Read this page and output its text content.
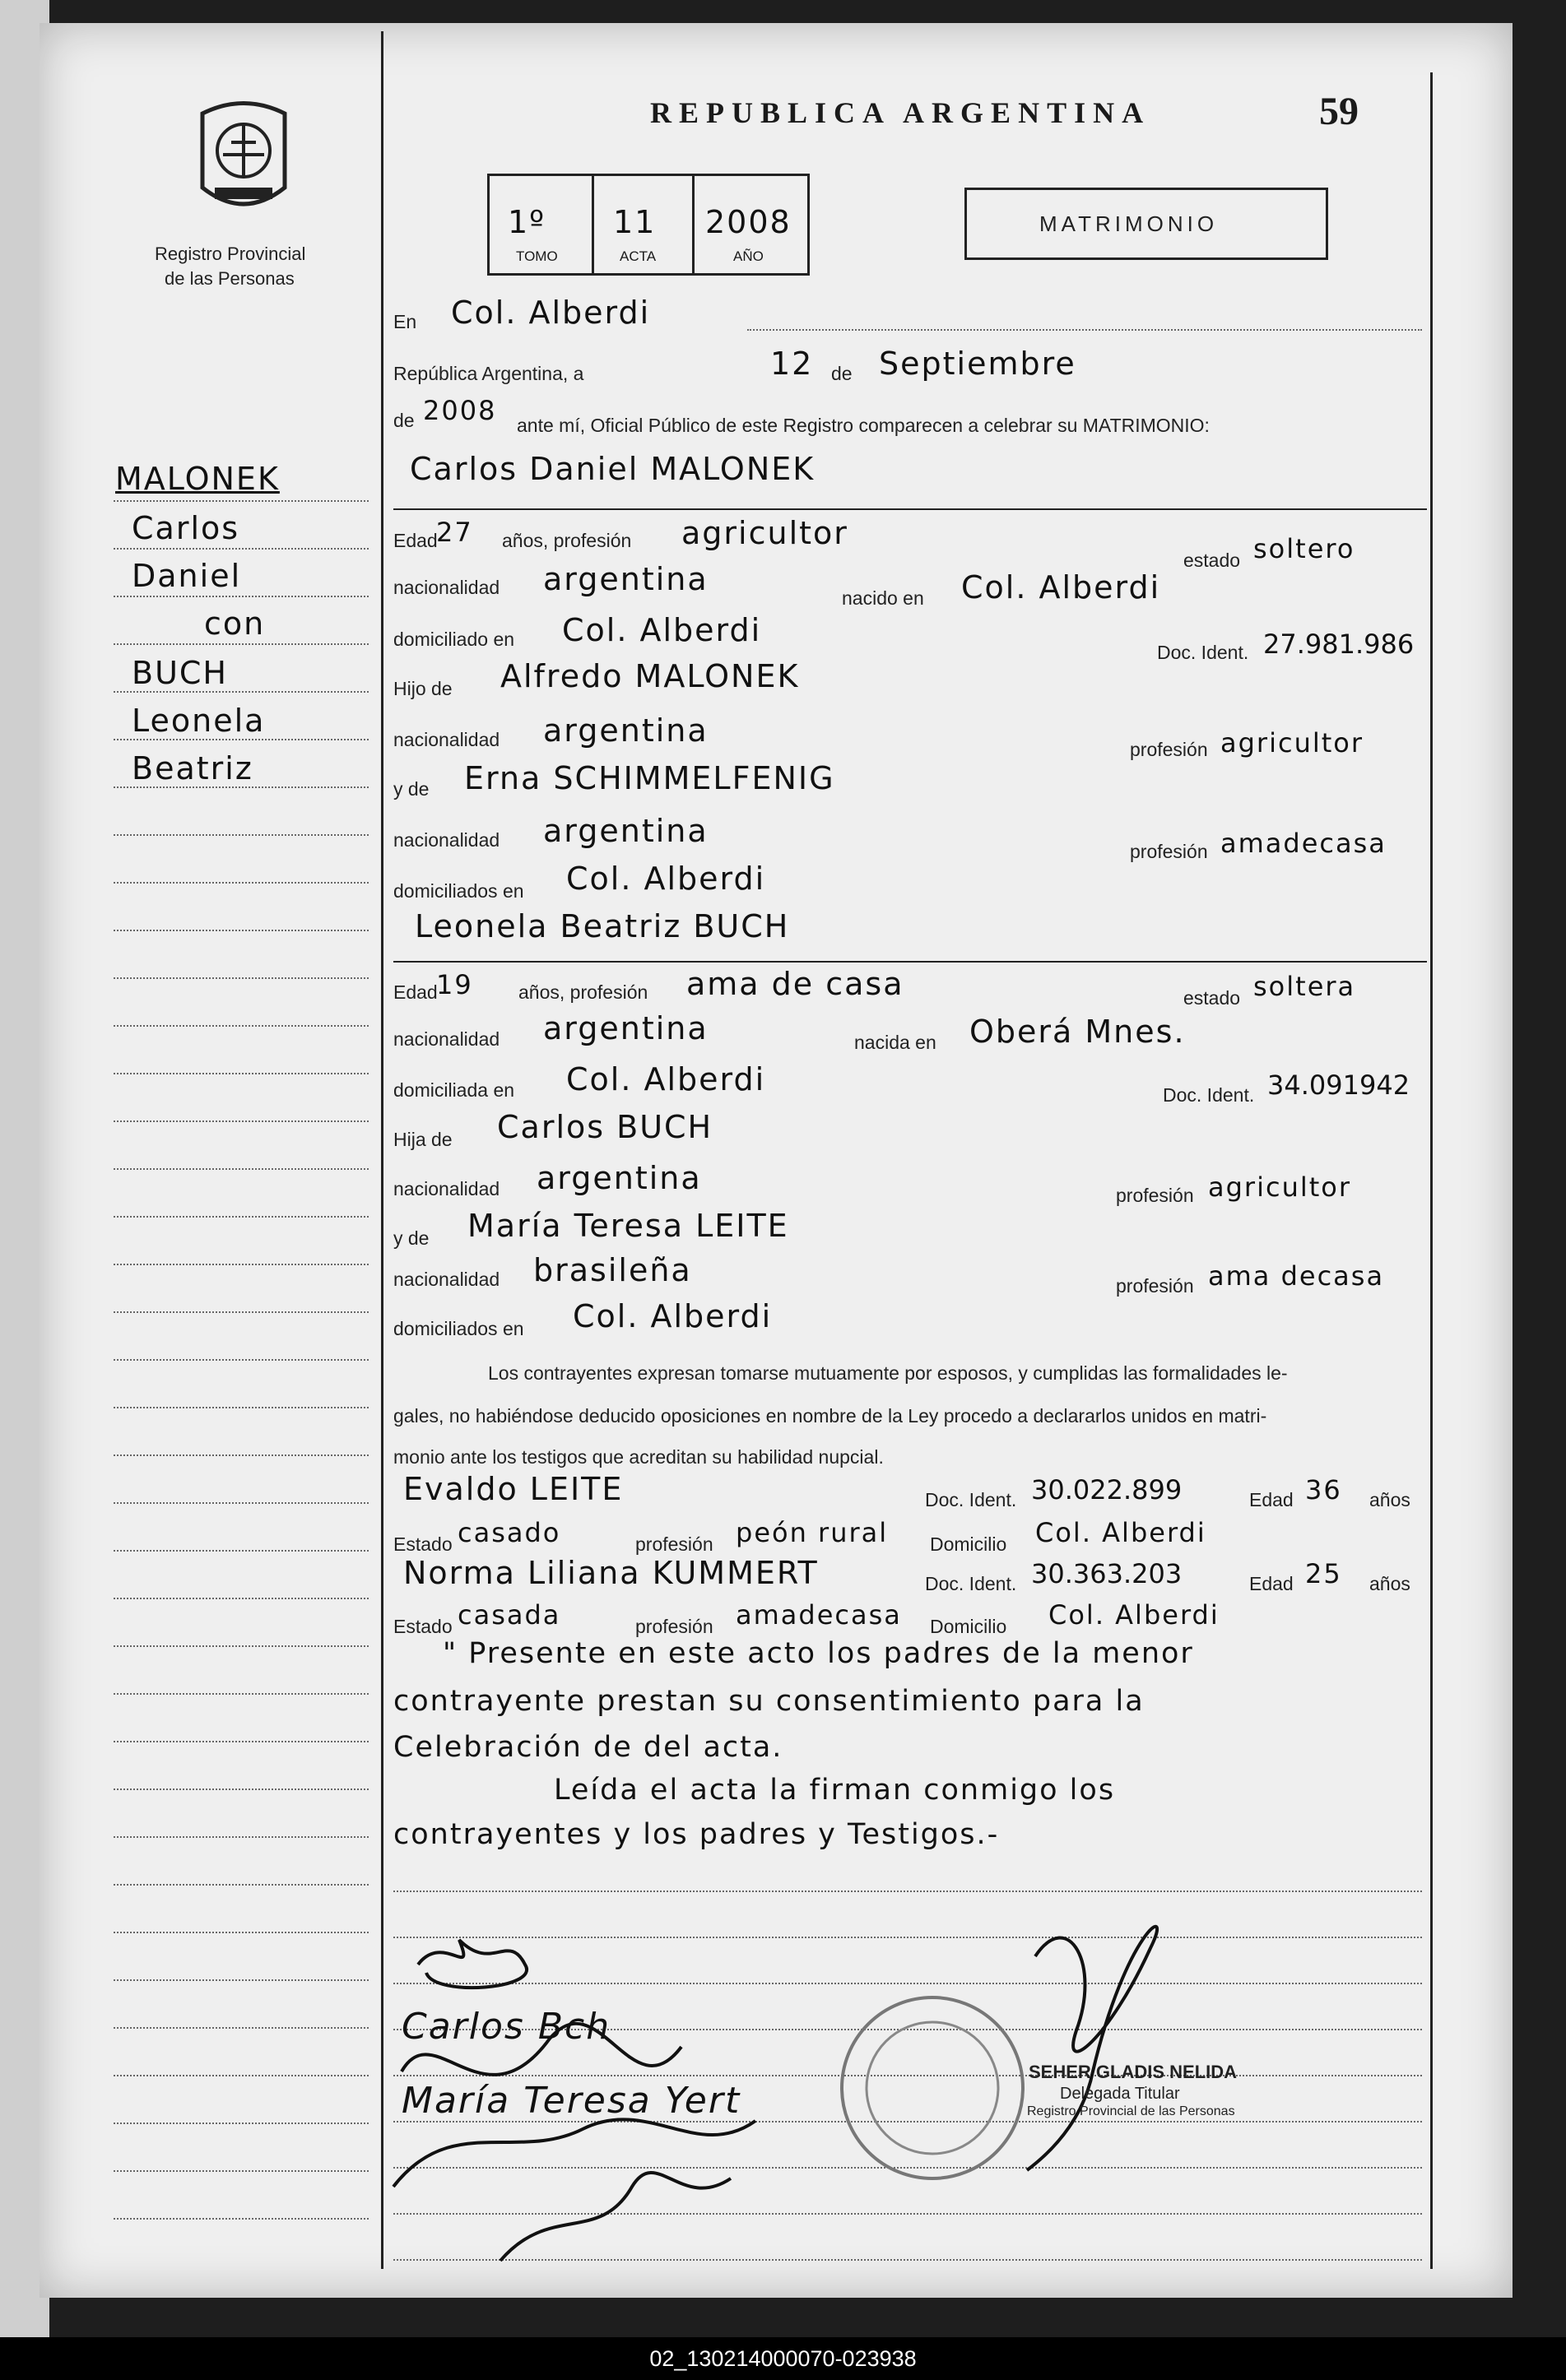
Registro Provincial
de las Personas
REPUBLICA ARGENTINA	59
1º 11 2008
TOMO	ACTA	AÑO
MATRIMONIO
MALONEK
Carlos
Daniel
con
BUCH
Leonela
Beatriz
En Col. Alberdi
República Argentina, a	12 de Septiembre
de 2008 ante mí, Oficial Público de este Registro comparecen a celebrar su MATRIMONIO:
Carlos Daniel MALONEK
Edad
27 años, profesión agricultor
estado soltero
nacionalidad argentina
nacido en Col. Alberdi
domiciliado en Col. Alberdi
Doc. Ident. 27.981.986
Hijo de Alfredo MALONEK
nacionalidad argentina
profesión agricultor
y de Erna SCHIMMELFENIG
nacionalidad argentina
profesión amadecasa
domiciliados en Col. Alberdi
Leonela Beatriz BUCH
Edad
19 años, profesión ama de casa	estado soltera
nacionalidad argentina	nacida en Oberá Mnes.
domiciliada en Col. Alberdi	Doc. Ident. 34.091942
Hija de Carlos BUCH
nacionalidad argentina	profesión agricultor
y de María Teresa LEITE
nacionalidad brasileña	profesión ama decasa
domiciliados en Col. Alberdi
Los contrayentes expresan tomarse mutuamente por esposos, y cumplidas las formalidades le-
gales, no habiéndose deducido oposiciones en nombre de la Ley procedo a declararlos unidos en matri-
monio ante los testigos que acreditan su habilidad nupcial.
Evaldo LEITE	Doc. Ident. 30.022.899	Edad 36 años
Estado casado	profesión peón rural Domicilio Col. Alberdi
Norma Liliana KUMMERT	Doc. Ident. 30.363.203	Edad 25 años
Estado casada	profesión amadecasa Domicilio Col. Alberdi
" Presente en este acto los padres de la menor
contrayente prestan su consentimiento para la
Celebración de del acta.
Leída el acta la firman conmigo los
contrayentes y los padres y Testigos.-
Carlos Bch
María Teresa Yert
SEHER GLADIS NELIDA
Delegada Titular
Registro Provincial de las Personas
02_130214000070-023938
